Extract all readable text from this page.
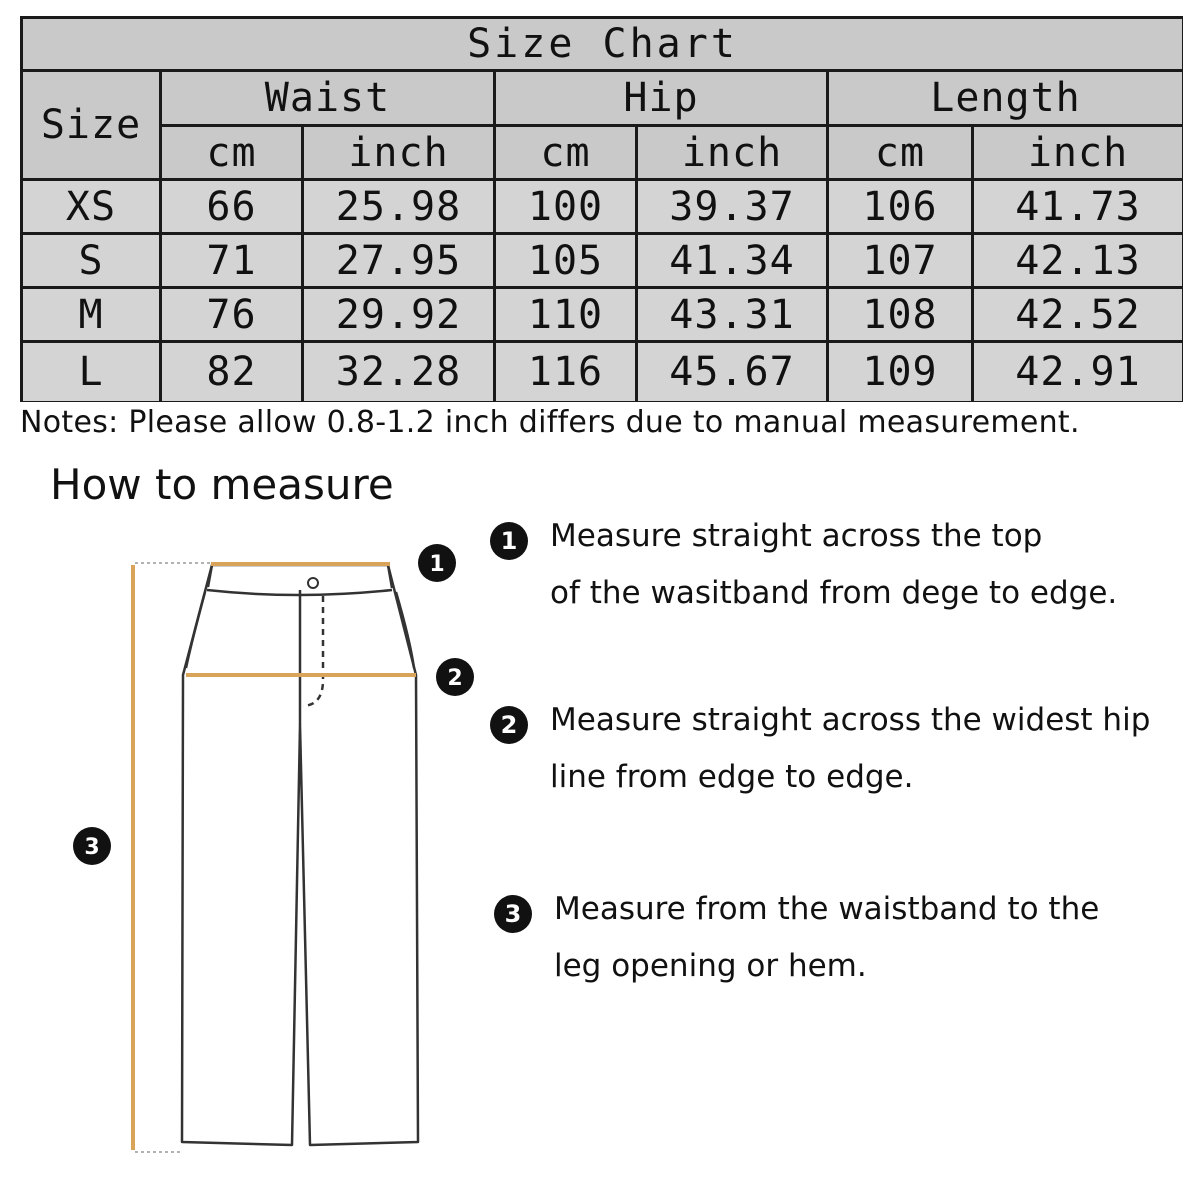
Size Chart
Size
Waist	Hip	Length
cm	inch	cm	inch	cm	inch
XS	66	25.98	100	39.37	106	41.73
S	71	27.95	105	41.34	107	42.13
M	76	29.92	110	43.31	108	42.52
L	82	32.28	116	45.67	109	42.91
Notes: Please allow 0.8-1.2 inch differs due to manual measurement.
How to measure
1
2
3
1	Measure straight across the top
of the wasitband from dege to edge.
2	Measure straight across the widest hip
line from edge to edge.
3	Measure from the waistband to the
leg opening or hem.
